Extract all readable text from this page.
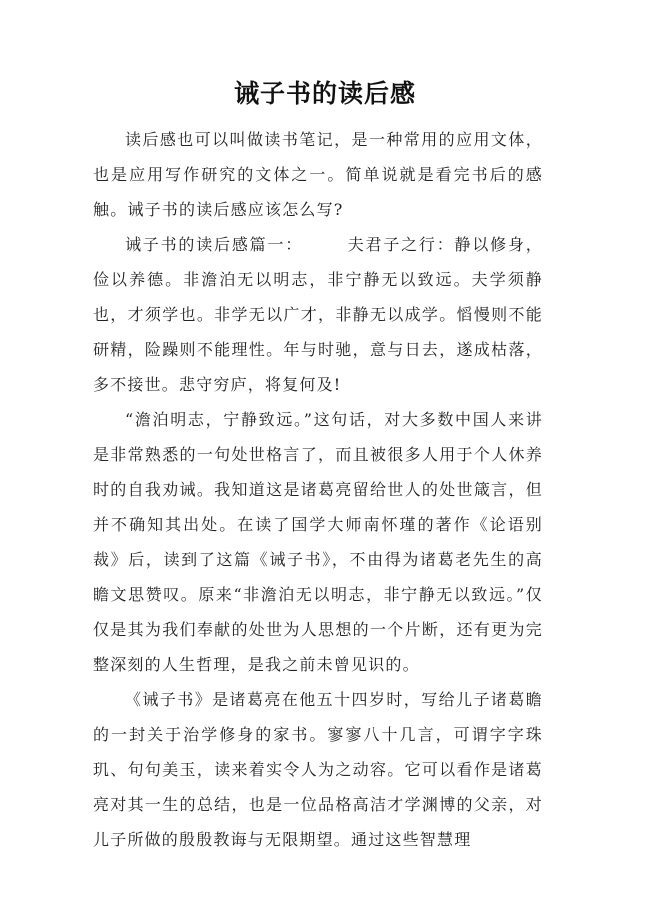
诫子书的读后感

读后感也可以叫做读书笔记，是一种常用的应用文体，也是应用写作研究的文体之一。简单说就是看完书后的感触。诫子书的读后感应该怎么写?

诫子书的读后感篇一：	夫君子之行：静以修身，俭以养德。非澹泊无以明志，非宁静无以致远。夫学须静也，才须学也。非学无以广才，非静无以成学。慆慢则不能研精，险躁则不能理性。年与时驰，意与日去，遂成枯落，多不接世。悲守穷庐，将复何及!

“澹泊明志，宁静致远。”这句话，对大多数中国人来讲是非常熟悉的一句处世格言了，而且被很多人用于个人休养时的自我劝诫。我知道这是诸葛亮留给世人的处世箴言，但并不确知其出处。在读了国学大师南怀瑾的著作《论语别裁》后，读到了这篇《诫子书》，不由得为诸葛老先生的高瞻文思赞叹。原来“非澹泊无以明志，非宁静无以致远。”仅仅是其为我们奉献的处世为人思想的一个片断，还有更为完整深刻的人生哲理，是我之前未曾见识的。

《诫子书》是诸葛亮在他五十四岁时，写给儿子诸葛瞻的一封关于治学修身的家书。寥寥八十几言，可谓字字珠玑、句句美玉，读来着实令人为之动容。它可以看作是诸葛亮对其一生的总结，也是一位品格高洁才学渊博的父亲，对儿子所做的殷殷教诲与无限期望。通过这些智慧理
